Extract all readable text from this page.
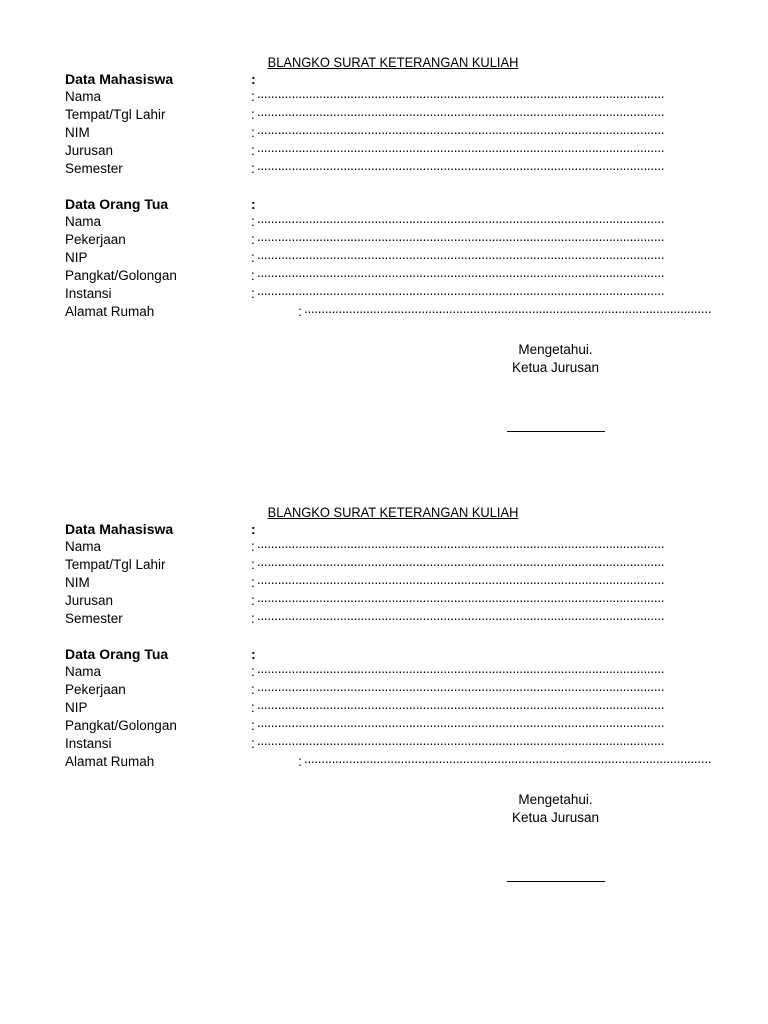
BLANGKO SURAT KETERANGAN KULIAH
Data Mahasiswa	:
Nama	: ......................................................................................................................
Tempat/Tgl Lahir	: ......................................................................................................................
NIM	: ......................................................................................................................
Jurusan	: ......................................................................................................................
Semester	: ......................................................................................................................
Data Orang Tua	:
Nama	: ......................................................................................................................
Pekerjaan	: ......................................................................................................................
NIP	: ......................................................................................................................
Pangkat/Golongan	: ......................................................................................................................
Instansi	: ......................................................................................................................
Alamat Rumah	: ......................................................................................................................
Mengetahui.
Ketua Jurusan
BLANGKO SURAT KETERANGAN KULIAH
Data Mahasiswa	:
Nama	: ......................................................................................................................
Tempat/Tgl Lahir	: ......................................................................................................................
NIM	: ......................................................................................................................
Jurusan	: ......................................................................................................................
Semester	: ......................................................................................................................
Data Orang Tua	:
Nama	: ......................................................................................................................
Pekerjaan	: ......................................................................................................................
NIP	: ......................................................................................................................
Pangkat/Golongan	: ......................................................................................................................
Instansi	: ......................................................................................................................
Alamat Rumah	: ......................................................................................................................
Mengetahui.
Ketua Jurusan
